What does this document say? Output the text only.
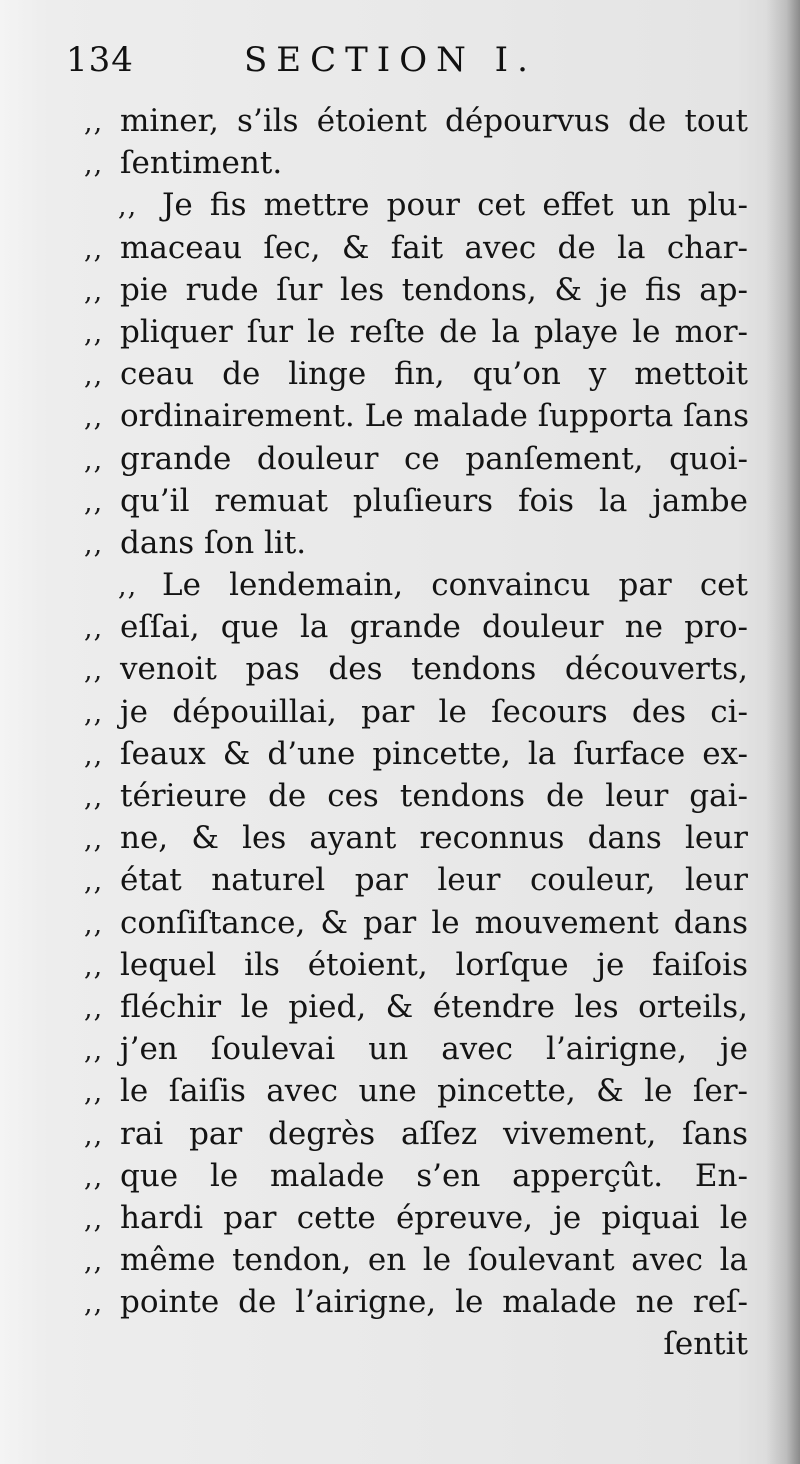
134	SECTION I.
,, miner, s’ils étoient dépourvus de tout
,, ſentiment.
,, Je fis mettre pour cet effet un plu-
,, maceau ſec, & fait avec de la char-
,, pie rude ſur les tendons, & je fis ap-
,, pliquer ſur le reſte de la playe le mor-
,, ceau de linge fin, qu’on y mettoit
,, ordinairement. Le malade ſupporta ſans
,, grande douleur ce panſement, quoi-
,, qu’il remuat pluſieurs fois la jambe
,, dans ſon lit.
,, Le lendemain, convaincu par cet
,, eſſai, que la grande douleur ne pro-
,, venoit pas des tendons découverts,
,, je dépouillai, par le ſecours des ci-
,, ſeaux & d’une pincette, la ſurface ex-
,, térieure de ces tendons de leur gai-
,, ne, & les ayant reconnus dans leur
,, état naturel par leur couleur, leur
,, conſiſtance, & par le mouvement dans
,, lequel ils étoient, lorſque je faiſois
,, fléchir le pied, & étendre les orteils,
,, j’en ſoulevai un avec l’airigne, je
,, le ſaiſis avec une pincette, & le ſer-
,, rai par degrès aſſez vivement, ſans
,, que le malade s’en apperçût. En-
,, hardi par cette épreuve, je piquai le
,, même tendon, en le ſoulevant avec la
,, pointe de l’airigne, le malade ne reſ-
ſentit
